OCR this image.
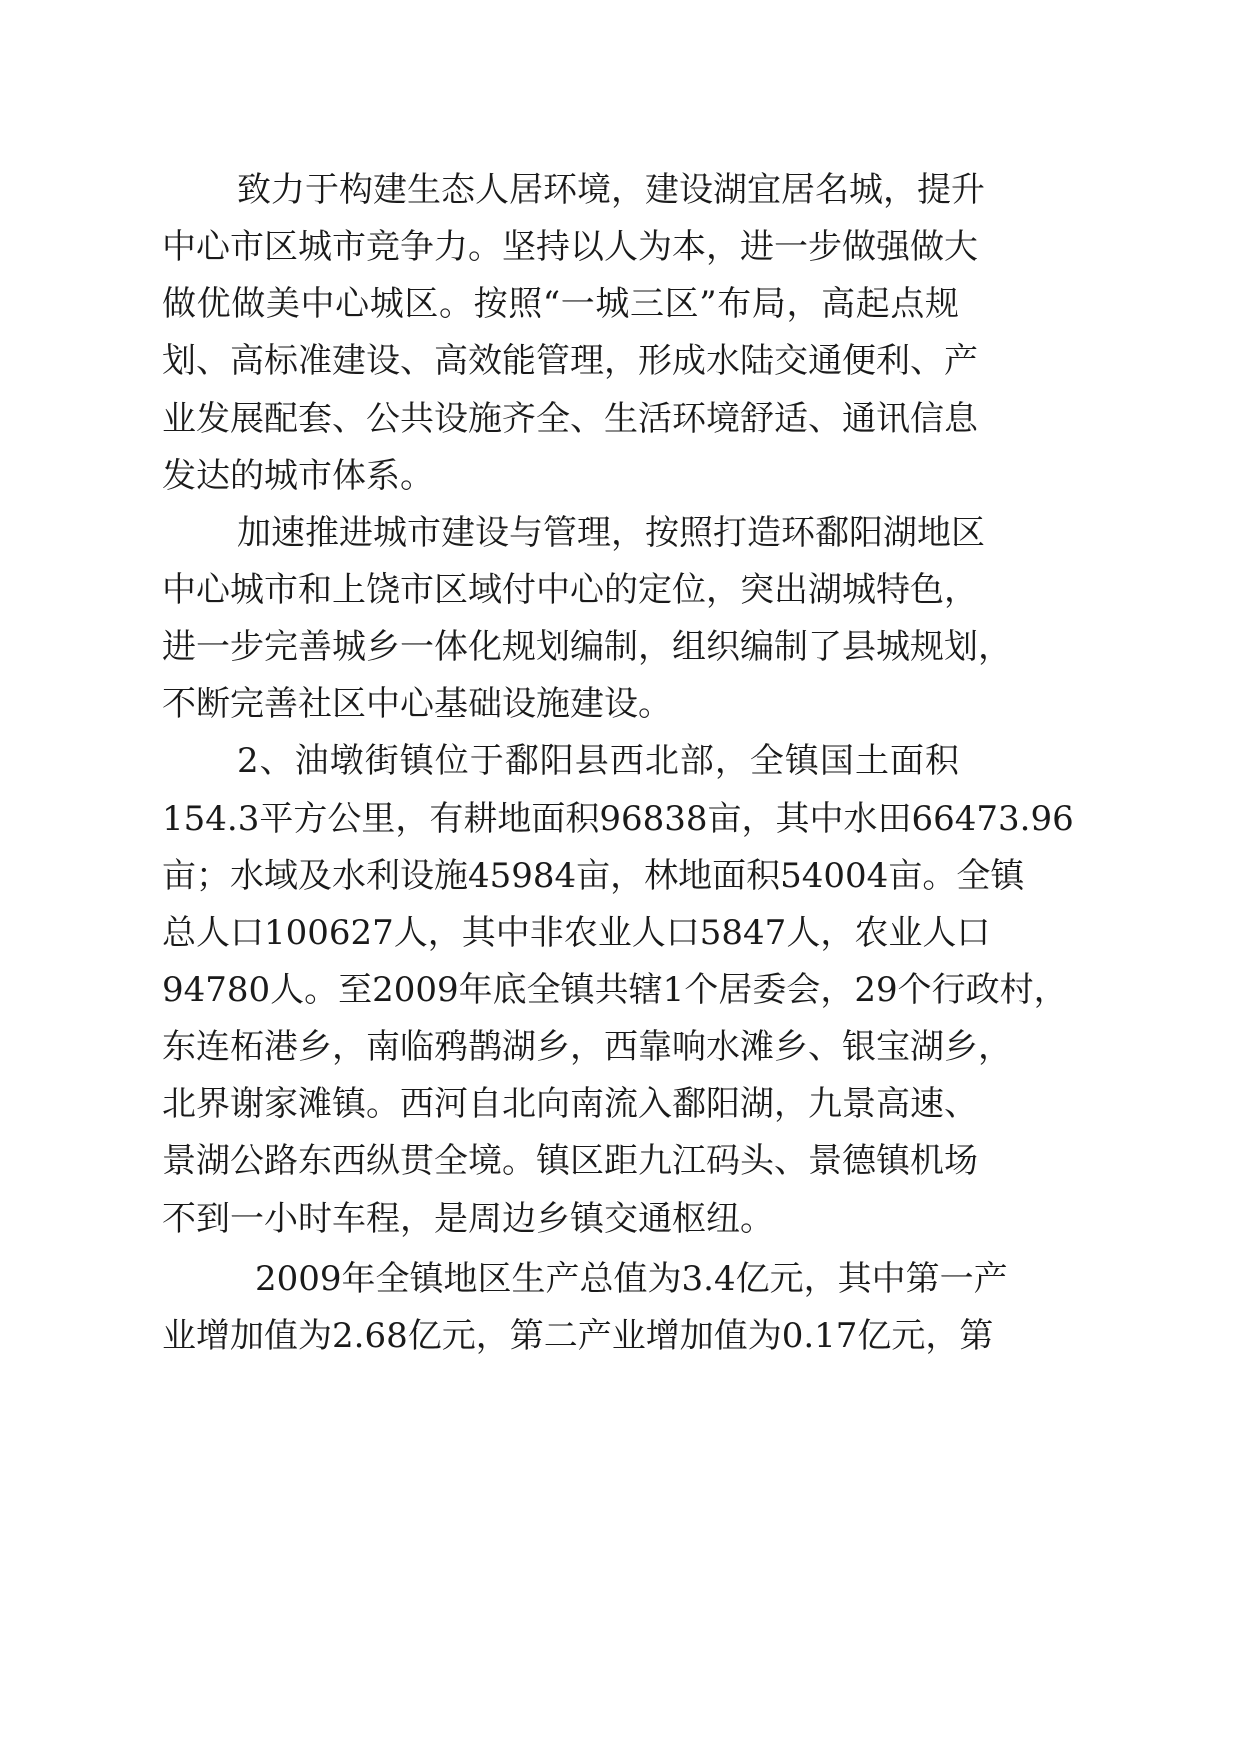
致力于构建生态人居环境，建设湖宜居名城，提升
中心市区城市竞争力。坚持以人为本，进一步做强做大
做优做美中心城区。按照“一城三区”布局，高起点规
划、高标准建设、高效能管理，形成水陆交通便利、产
业发展配套、公共设施齐全、生活环境舒适、通讯信息
发达的城市体系。
加速推进城市建设与管理，按照打造环鄱阳湖地区
中心城市和上饶市区域付中心的定位，突出湖城特色，
进一步完善城乡一体化规划编制，组织编制了县城规划，
不断完善社区中心基础设施建设。
2、油墩街镇位于鄱阳县西北部，全镇国土面积
154.3平方公里，有耕地面积96838亩，其中水田66473.96
亩；水域及水利设施45984亩，林地面积54004亩。全镇
总人口100627人，其中非农业人口5847人，农业人口
94780人。至2009年底全镇共辖1个居委会，29个行政村，
东连柘港乡，南临鸦鹊湖乡，西靠响水滩乡、银宝湖乡，
北界谢家滩镇。西河自北向南流入鄱阳湖，九景高速、
景湖公路东西纵贯全境。镇区距九江码头、景德镇机场
不到一小时车程，是周边乡镇交通枢纽。
2009年全镇地区生产总值为3.4亿元，其中第一产
业增加值为2.68亿元，第二产业增加值为0.17亿元，第
